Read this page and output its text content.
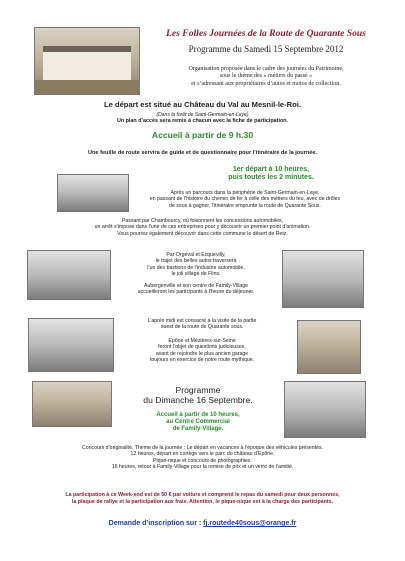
Les Folles Journées de la Route de Quarante Sous
Programme du Samedi 15 Septembre 2012
Organisation proposée dans le cadre des journées du Patrimoine,
sous le thème des « métiers du passé »
et s’adressant aux propriétaires d’autos et motos de collection.
Le départ est situé au Château du Val au Mesnil-le-Roi.
(Dans la forêt de Saint-Germain-en-Laye)
Un plan d’accès sera remis à chacun avec la fiche de participation.
Accueil à partir de 9 h.30
Une feuille de route servira de guide et de questionnaire pour l’itinéraire de la journée.
1er départ à 10 heures,
puis toutes les 2 minutes.
Après un parcours dans la périphérie de Saint-Germain-en-Laye,
en passant de l’histoire du chemin de fer à celle des métiers du feu, avec de drôles
de sous à gagner, l’itinéraire emprunte la route de Quarante Sous.
Passant par Chambourcy, où foisonnent les concessions automobiles,
un arrêt s’impose dans l’une de ces entreprises pour y découvrir un premier point d’animation.
Vous pourrez également découvrir dans cette commune le désert de Retz.
Par Orgeval et Ecquevilly,
le trajet des belles autos traversera
l’un des bastions de l’industrie automobile,
le joli village de Flins.
Aubergenville et son centre de Family-Village
accueilleront les participants à l’heure du déjeuner.
L’après midi est consacré à la visite de la partie
ouest de la route de Quarante sous.
Epône et Mézières-sur-Seine
feront l’objet de questions judicieuses,
avant de rejoindre le plus ancien garage
toujours en exercice de notre route mythique.
Programme
du Dimanche 16 Septembre.
Accueil à partir de 10 heures,
au Centre Commercial
de Family-Village.
Concours d’originalité. Thème de la journée : Le départ en vacances à l’époque des véhicules présentés.
12 heures, départ en cortège vers le parc du château d’Epône.
Pique-nique et concours de photographies.
16 heures, retour à Family-Village pour la remise de prix et un verre de l’amitié.
La participation à ce Week-end est de 50 € par voiture et comprend le repas du samedi pour deux personnes,
la plaque de rallye et la participation aux frais. Attention, le pique-nique est à la charge des participants.
Demande d’inscription sur : fj.routede40sous@orange.fr
